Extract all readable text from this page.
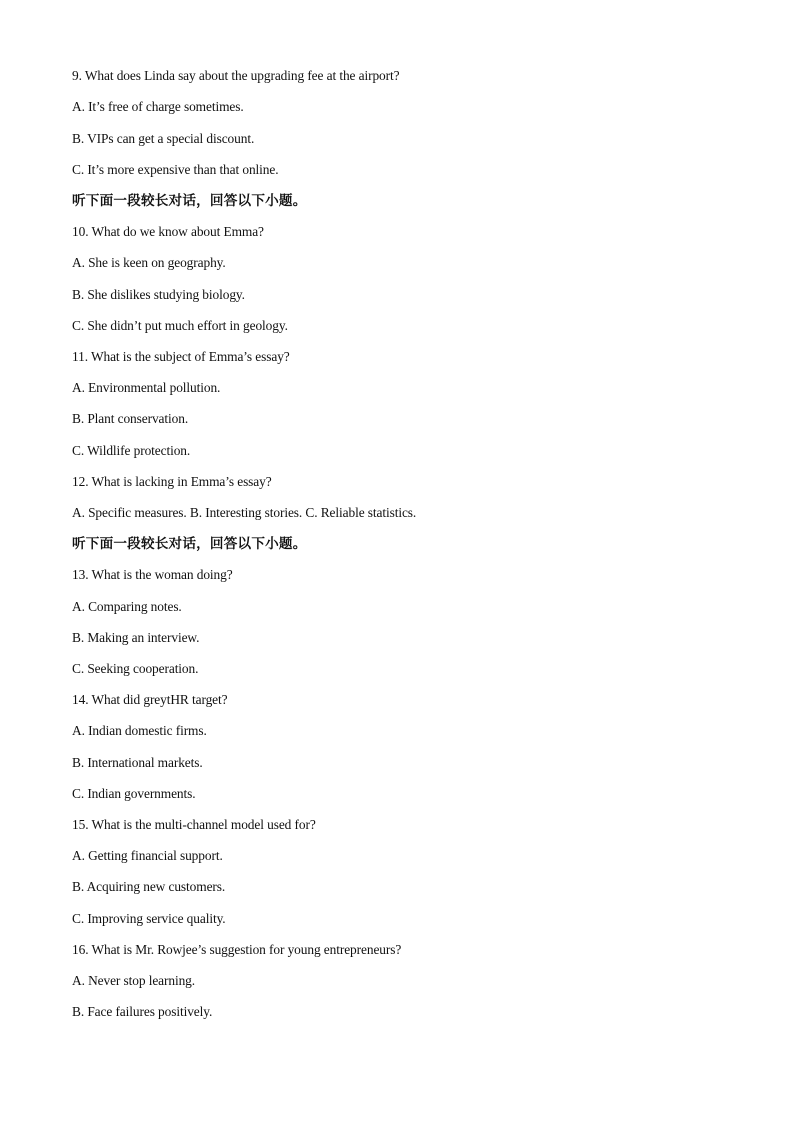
9. What does Linda say about the upgrading fee at the airport?
A. It’s free of charge sometimes.
B. VIPs can get a special discount.
C. It’s more expensive than that online.
听下面一段较长对话，回答以下小题。
10. What do we know about Emma?
A. She is keen on geography.
B. She dislikes studying biology.
C. She didn’t put much effort in geology.
11. What is the subject of Emma’s essay?
A. Environmental pollution.
B. Plant conservation.
C. Wildlife protection.
12. What is lacking in Emma’s essay?
A. Specific measures. B. Interesting stories. C. Reliable statistics.
听下面一段较长对话，回答以下小题。
13. What is the woman doing?
A. Comparing notes.
B. Making an interview.
C. Seeking cooperation.
14. What did greytHR target?
A. Indian domestic firms.
B. International markets.
C. Indian governments.
15. What is the multi-channel model used for?
A. Getting financial support.
B. Acquiring new customers.
C. Improving service quality.
16. What is Mr. Rowjee’s suggestion for young entrepreneurs?
A. Never stop learning.
B. Face failures positively.
